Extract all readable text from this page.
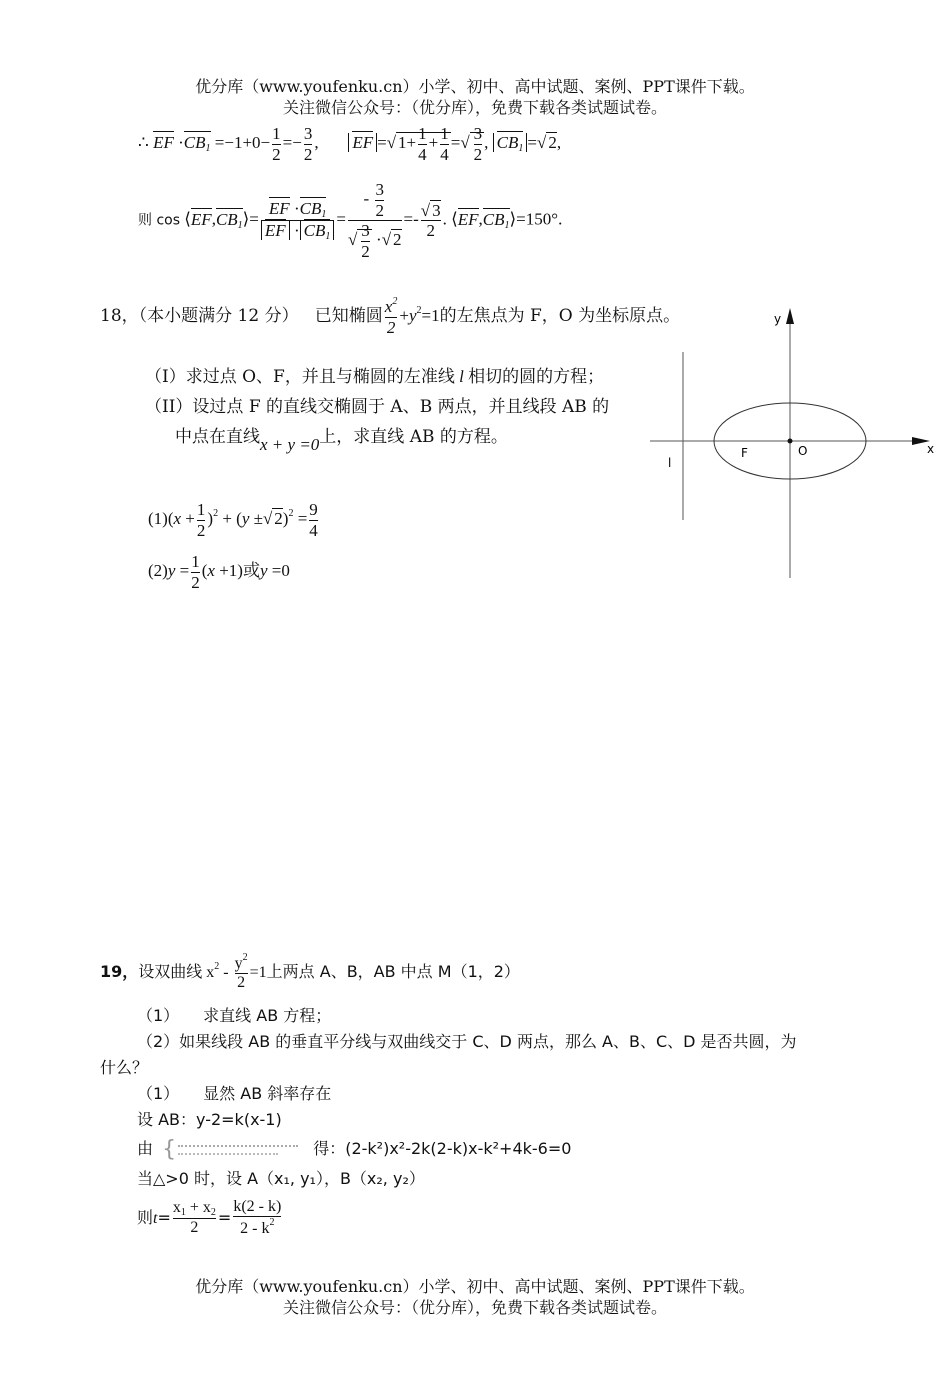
优分库（www.youfenku.cn）小学、初中、高中试题、案例、PPT课件下载。
关注微信公众号：（优分库），免费下载各类试题试卷。
∴ EF $\cdot CB_1 =-1+0- \frac{1}{2} =- \frac{3}{2}$ ,       EF =√ $1+ \frac{1}{4} + \frac{1}{4}$ =√ $\frac{3}{2}$ , $CB_1$ =√ 2,
则 $\cos ⟨EF,CB_1⟩= \frac{EF \cdot CB_1}{EF \cdot CB_1} = \frac{- \frac{3}{2}}{√ \frac{3}{2} \cdot√ 2} =- \frac{√ 3}{2}$ . $⟨EF,CB_1⟩=150^\circ$.
18，（本小题满分 12 分） 已知椭圆 $\frac{x^2}{2} +y^2=1$的左焦点为 F，O 为坐标原点。
（I）求过点 O、F，并且与椭圆的左准线 l 相切的圆的方程；
（II）设过点 F 的直线交椭圆于 A、B 两点，并且线段 AB 的
中点在直线x + y =0上，求直线 AB 的方程。
$(1)(x + \frac{1}{2} )^2 + (y$ ±√ $2)^2 = \frac{9}{4}$
$(2)y = \frac{1}{2} (x +1)$或y =0
x
y
O
F
l
19，设双曲线 $x^2 - \frac{y^2}{2} =1$上两点 A、B，AB 中点 M（1，2）
（1）　　求直线 AB 方程；
（2）如果线段 AB 的垂直平分线与双曲线交于 C、D 两点，那么 A、B、C、D 是否共圆，为
什么？
（1）　　显然 AB 斜率存在
设 AB：y-2=k(x-1)
由 {	得：(2-k²)x²-2k(2-k)x-k²+4k-6=0
当△>0 时，设 A（x₁, y₁），B（x₂, y₂）
则$t= \frac{x_1 + x_2}{2} = \frac{k(2 - k)}{2 - k^2}$
优分库（www.youfenku.cn）小学、初中、高中试题、案例、PPT课件下载。
关注微信公众号：（优分库），免费下载各类试题试卷。
